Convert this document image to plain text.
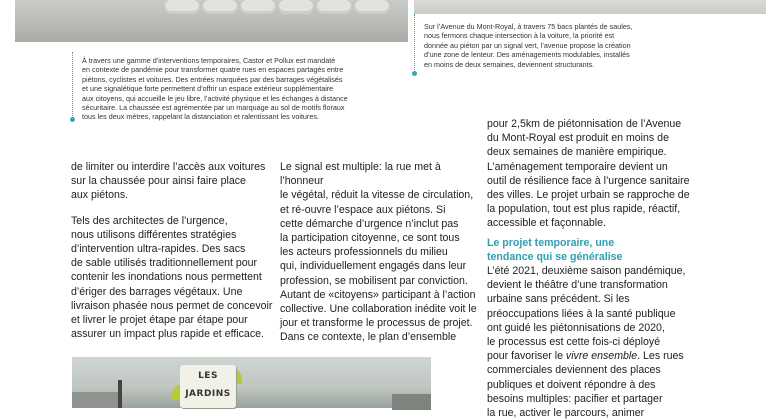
À travers une gamme d’interventions temporaires, Castor et Pollux est mandaté
en contexte de pandémie pour transformer quatre rues en espaces partagés entre
piétons, cyclistes et voitures. Des entrées marquées par des barrages végétalisés
et une signalétique forte permettent d’offrir un espace extérieur supplémentaire
aux citoyens, qui accueille le jeu libre, l’activité physique et les échanges à distance
sécuritaire. La chaussée est agrémentée par un marquage au sol de motifs floraux
tous les deux mètres, rappelant la distanciation et ralentissant les voitures.
Sur l’Avenue du Mont-Royal, à travers 75 bacs plantés de saules,
nous fermons chaque intersection à la voiture, la priorité est
donnée au piéton par un signal vert, l’avenue propose la création
d’une zone de lenteur. Des aménagements modulables, installés
en moins de deux semaines, deviennent structurants.

de limiter ou interdire l’accès aux voitures
sur la chaussée pour ainsi faire place
aux piétons.

Tels des architectes de l’urgence,
nous utilisons différentes stratégies
d’intervention ultra-rapides. Des sacs
de sable utilisés traditionnellement pour
contenir les inondations nous permettent
d’ériger des barrages végétaux. Une
livraison phasée nous permet de concevoir
et livrer le projet étape par étape pour
assurer un impact plus rapide et efficace.

Le signal est multiple: la rue met à l’honneur
le végétal, réduit la vitesse de circulation,
et ré-ouvre l’espace aux piétons. Si
cette démarche d’urgence n’inclut pas
la participation citoyenne, ce sont tous
les acteurs professionnels du milieu
qui, individuellement engagés dans leur
profession, se mobilisent par conviction.
Autant de «citoyens» participant à l’action
collective. Une collaboration inédite voit le
jour et transforme le processus de projet.
Dans ce contexte, le plan d’ensemble

pour 2,5km de piétonnisation de l’Avenue
du Mont-Royal est produit en moins de
deux semaines de manière empirique.
L’aménagement temporaire devient un
outil de résilience face à l’urgence sanitaire
des villes. Le projet urbain se rapproche de
la population, tout est plus rapide, réactif,
accessible et façonnable.

Le projet temporaire, une
tendance qui se généralise

L’été 2021, deuxième saison pandémique,
devient le théâtre d’une transformation
urbaine sans précédent. Si les
préoccupations liées à la santé publique
ont guidé les piétonnisations de 2020,
le processus est cette fois-ci déployé
pour favoriser le vivre ensemble. Les rues
commerciales deviennent des places
publiques et doivent répondre à des
besoins multiples: pacifier et partager
la rue, activer le parcours, animer

LES
JARDINS
